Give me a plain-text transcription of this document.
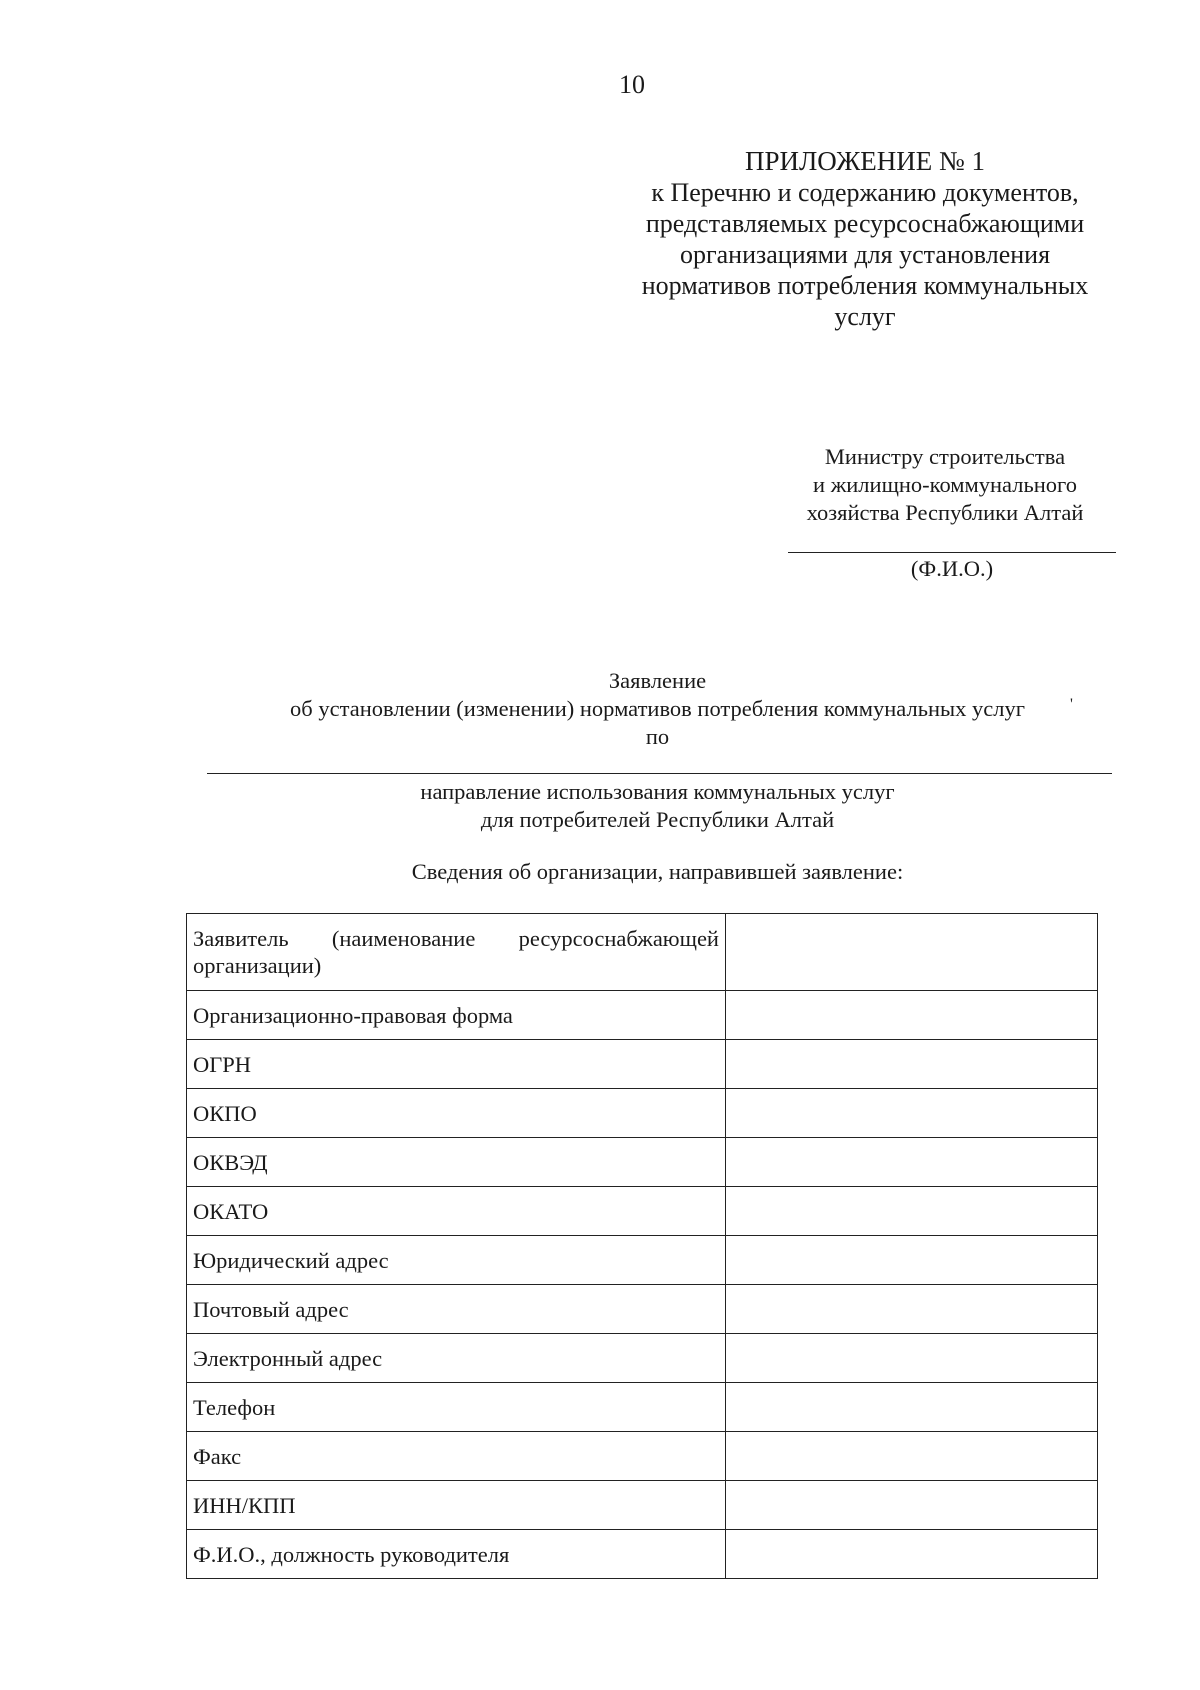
10
ПРИЛОЖЕНИЕ № 1
к Перечню и содержанию документов,
представляемых ресурсоснабжающими
организациями для установления
нормативов потребления коммунальных
услуг
Министру строительства
и жилищно-коммунального
хозяйства Республики Алтай
(Ф.И.О.)
Заявление
об установлении (изменении) нормативов потребления коммунальных услуг	'
по
направление использования коммунальных услуг
для потребителей Республики Алтай
Сведения об организации, направившей заявление:
Заявитель (наименование ресурсоснабжающей
организации)	

Организационно-правовая форма	
ОГРН	
ОКПО	
ОКВЭД	
ОКАТО	
Юридический адрес	
Почтовый адрес	
Электронный адрес	
Телефон	
Факс	
ИНН/КПП	
Ф.И.О., должность руководителя	
